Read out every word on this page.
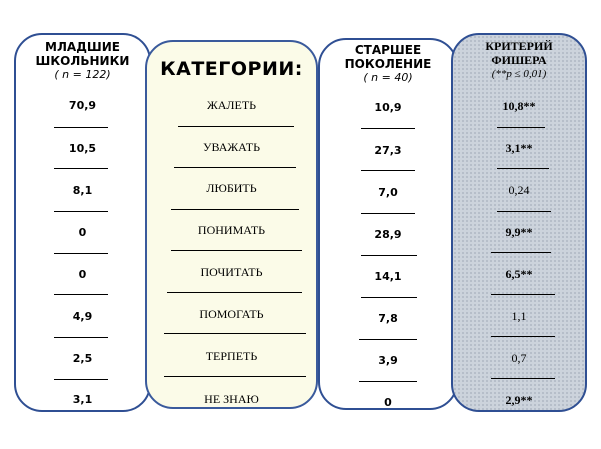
МЛАДШИЕ
ШКОЛЬНИКИ
( n = 122)
70,9
10,5
8,1
0
0
4,9
2,5
3,1
КАТЕГОРИИ:
ЖАЛЕТЬ
УВАЖАТЬ
ЛЮБИТЬ
ПОНИМАТЬ
ПОЧИТАТЬ
ПОМОГАТЬ
ТЕРПЕТЬ
НЕ ЗНАЮ
СТАРШЕЕ
ПОКОЛЕНИЕ
( n = 40)
10,9
27,3
7,0
28,9
14,1
7,8
3,9
0
КРИТЕРИЙ
ФИШЕРА
(**р ≤ 0,01)
10,8**
3,1**
0,24
9,9**
6,5**
1,1
0,7
2,9**
